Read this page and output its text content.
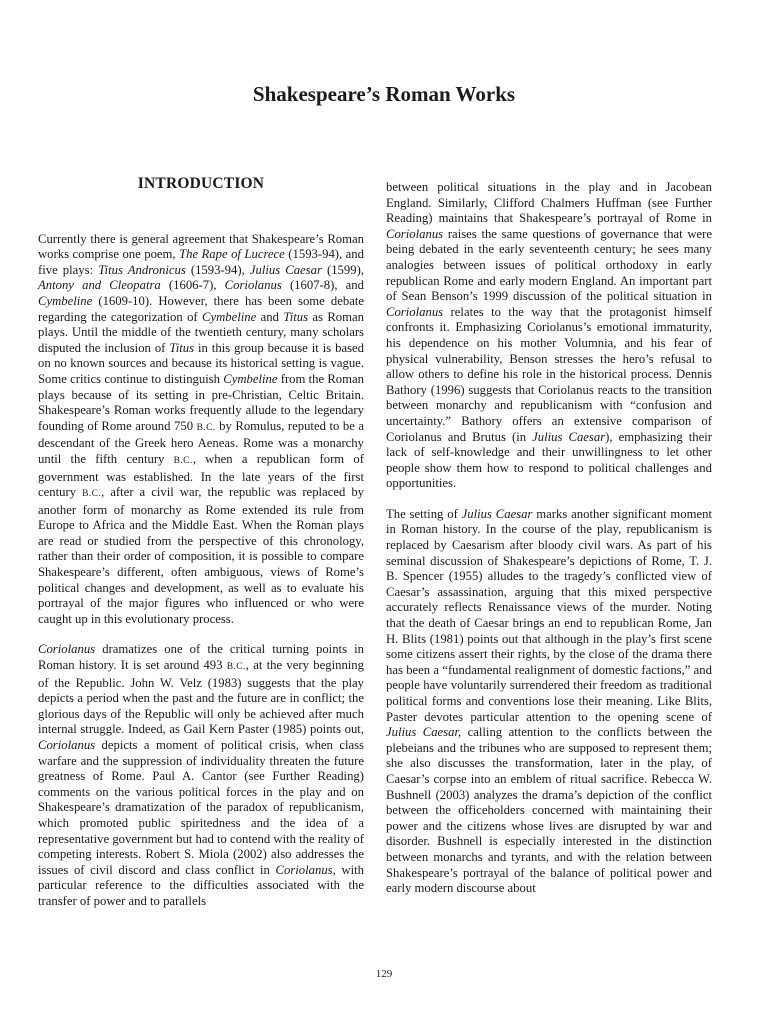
Shakespeare’s Roman Works
INTRODUCTION

Currently there is general agreement that Shakespeare’s Roman works comprise one poem, The Rape of Lucrece (1593-94), and five plays: Titus Andronicus (1593-94), Julius Caesar (1599), Antony and Cleopatra (1606-7), Coriolanus (1607-8), and Cymbeline (1609-10). However, there has been some debate regarding the categorization of Cymbeline and Titus as Roman plays. Until the middle of the twentieth century, many scholars disputed the inclusion of Titus in this group because it is based on no known sources and because its historical setting is vague. Some critics continue to distinguish Cymbeline from the Roman plays because of its setting in pre-Christian, Celtic Britain. Shakespeare’s Roman works frequently allude to the legendary founding of Rome around 750 B.C. by Romulus, reputed to be a descendant of the Greek hero Aeneas. Rome was a monarchy until the fifth century B.C., when a republican form of government was established. In the late years of the first century B.C., after a civil war, the republic was replaced by another form of monarchy as Rome extended its rule from Europe to Africa and the Middle East. When the Roman plays are read or studied from the perspective of this chronology, rather than their order of composition, it is possible to compare Shakespeare’s different, often ambiguous, views of Rome’s political changes and development, as well as to evaluate his portrayal of the major figures who influenced or who were caught up in this evolutionary process.

Coriolanus dramatizes one of the critical turning points in Roman history. It is set around 493 B.C., at the very beginning of the Republic. John W. Velz (1983) suggests that the play depicts a period when the past and the future are in conflict; the glorious days of the Republic will only be achieved after much internal struggle. Indeed, as Gail Kern Paster (1985) points out, Coriolanus depicts a moment of political crisis, when class warfare and the suppression of individuality threaten the future greatness of Rome. Paul A. Cantor (see Further Reading) comments on the various political forces in the play and on Shakespeare’s dramatization of the paradox of republicanism, which promoted public spiritedness and the idea of a representative government but had to contend with the reality of competing interests. Robert S. Miola (2002) also addresses the issues of civil discord and class conflict in Coriolanus, with particular reference to the difficulties associated with the transfer of power and to parallels

between political situations in the play and in Jacobean England. Similarly, Clifford Chalmers Huffman (see Further Reading) maintains that Shakespeare’s portrayal of Rome in Coriolanus raises the same questions of governance that were being debated in the early seventeenth century; he sees many analogies between issues of political orthodoxy in early republican Rome and early modern England. An important part of Sean Benson’s 1999 discussion of the political situation in Coriolanus relates to the way that the protagonist himself confronts it. Emphasizing Coriolanus’s emotional immaturity, his dependence on his mother Volumnia, and his fear of physical vulnerability, Benson stresses the hero’s refusal to allow others to define his role in the historical process. Dennis Bathory (1996) suggests that Coriolanus reacts to the transition between monarchy and republicanism with “confusion and uncertainty.” Bathory offers an extensive comparison of Coriolanus and Brutus (in Julius Caesar), emphasizing their lack of self-knowledge and their unwillingness to let other people show them how to respond to political challenges and opportunities.

The setting of Julius Caesar marks another significant moment in Roman history. In the course of the play, republicanism is replaced by Caesarism after bloody civil wars. As part of his seminal discussion of Shakespeare’s depictions of Rome, T. J. B. Spencer (1955) alludes to the tragedy’s conflicted view of Caesar’s assassination, arguing that this mixed perspective accurately reflects Renaissance views of the murder. Noting that the death of Caesar brings an end to republican Rome, Jan H. Blits (1981) points out that although in the play’s first scene some citizens assert their rights, by the close of the drama there has been a “fundamental realignment of domestic factions,” and people have voluntarily surrendered their freedom as traditional political forms and conventions lose their meaning. Like Blits, Paster devotes particular attention to the opening scene of Julius Caesar, calling attention to the conflicts between the plebeians and the tribunes who are supposed to represent them; she also discusses the transformation, later in the play, of Caesar’s corpse into an emblem of ritual sacrifice. Rebecca W. Bushnell (2003) analyzes the drama’s depiction of the conflict between the officeholders concerned with maintaining their power and the citizens whose lives are disrupted by war and disorder. Bushnell is especially interested in the distinction between monarchs and tyrants, and with the relation between Shakespeare’s portrayal of the balance of political power and early modern discourse about

129
